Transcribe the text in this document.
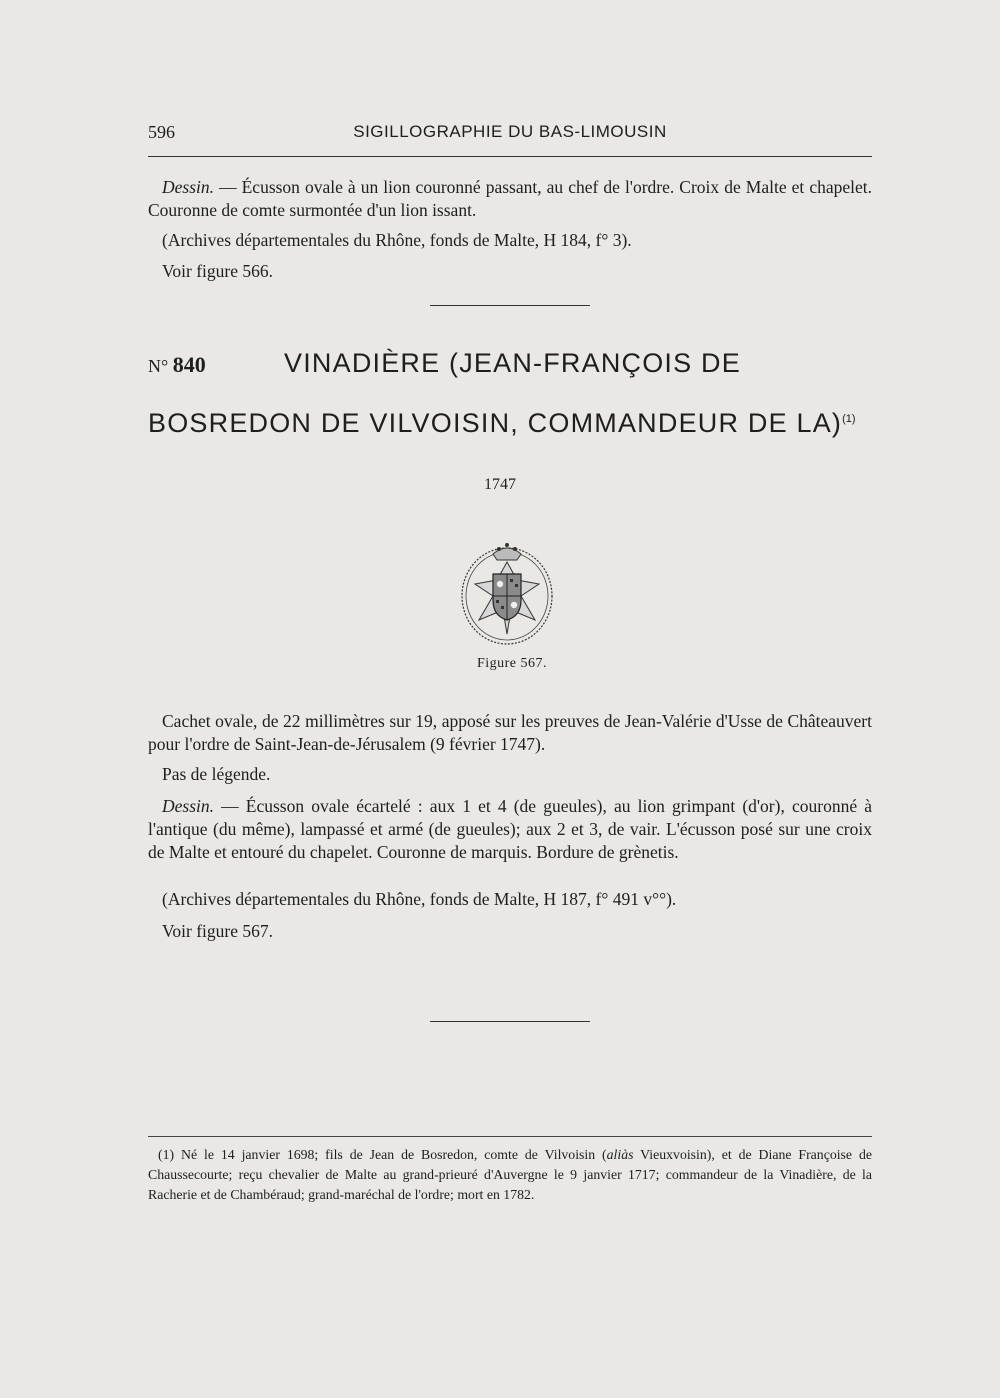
596	SIGILLOGRAPHIE DU BAS-LIMOUSIN

Dessin. — Écusson ovale à un lion couronné passant, au chef de l'ordre. Croix de Malte et chapelet. Couronne de comte surmontée d'un lion issant.

(Archives départementales du Rhône, fonds de Malte, H 184, f° 3).

Voir figure 566.

N° 840	VINADIÈRE (JEAN-FRANÇOIS DE
BOSREDON DE VILVOISIN, COMMANDEUR DE LA)$^{(1)}$
1747
Figure 567.

Cachet ovale, de 22 millimètres sur 19, apposé sur les preuves de Jean-Valérie d'Usse de Châteauvert pour l'ordre de Saint-Jean-de-Jérusalem (9 février 1747).

Pas de légende.

Dessin. — Écusson ovale écartelé : aux 1 et 4 (de gueules), au lion grimpant (d'or), couronné à l'antique (du même), lampassé et armé (de gueules); aux 2 et 3, de vair. L'écusson posé sur une croix de Malte et entouré du chapelet. Couronne de marquis. Bordure de grènetis.

(Archives départementales du Rhône, fonds de Malte, H 187, f° 491 v°°).

Voir figure 567.

(1) Né le 14 janvier 1698; fils de Jean de Bosredon, comte de Vilvoisin (aliàs Vieuxvoisin), et de Diane Françoise de Chaussecourte; reçu chevalier de Malte au grand-prieuré d'Auvergne le 9 janvier 1717; commandeur de la Vinadière, de la Racherie et de Chambéraud; grand-maréchal de l'ordre; mort en 1782.
